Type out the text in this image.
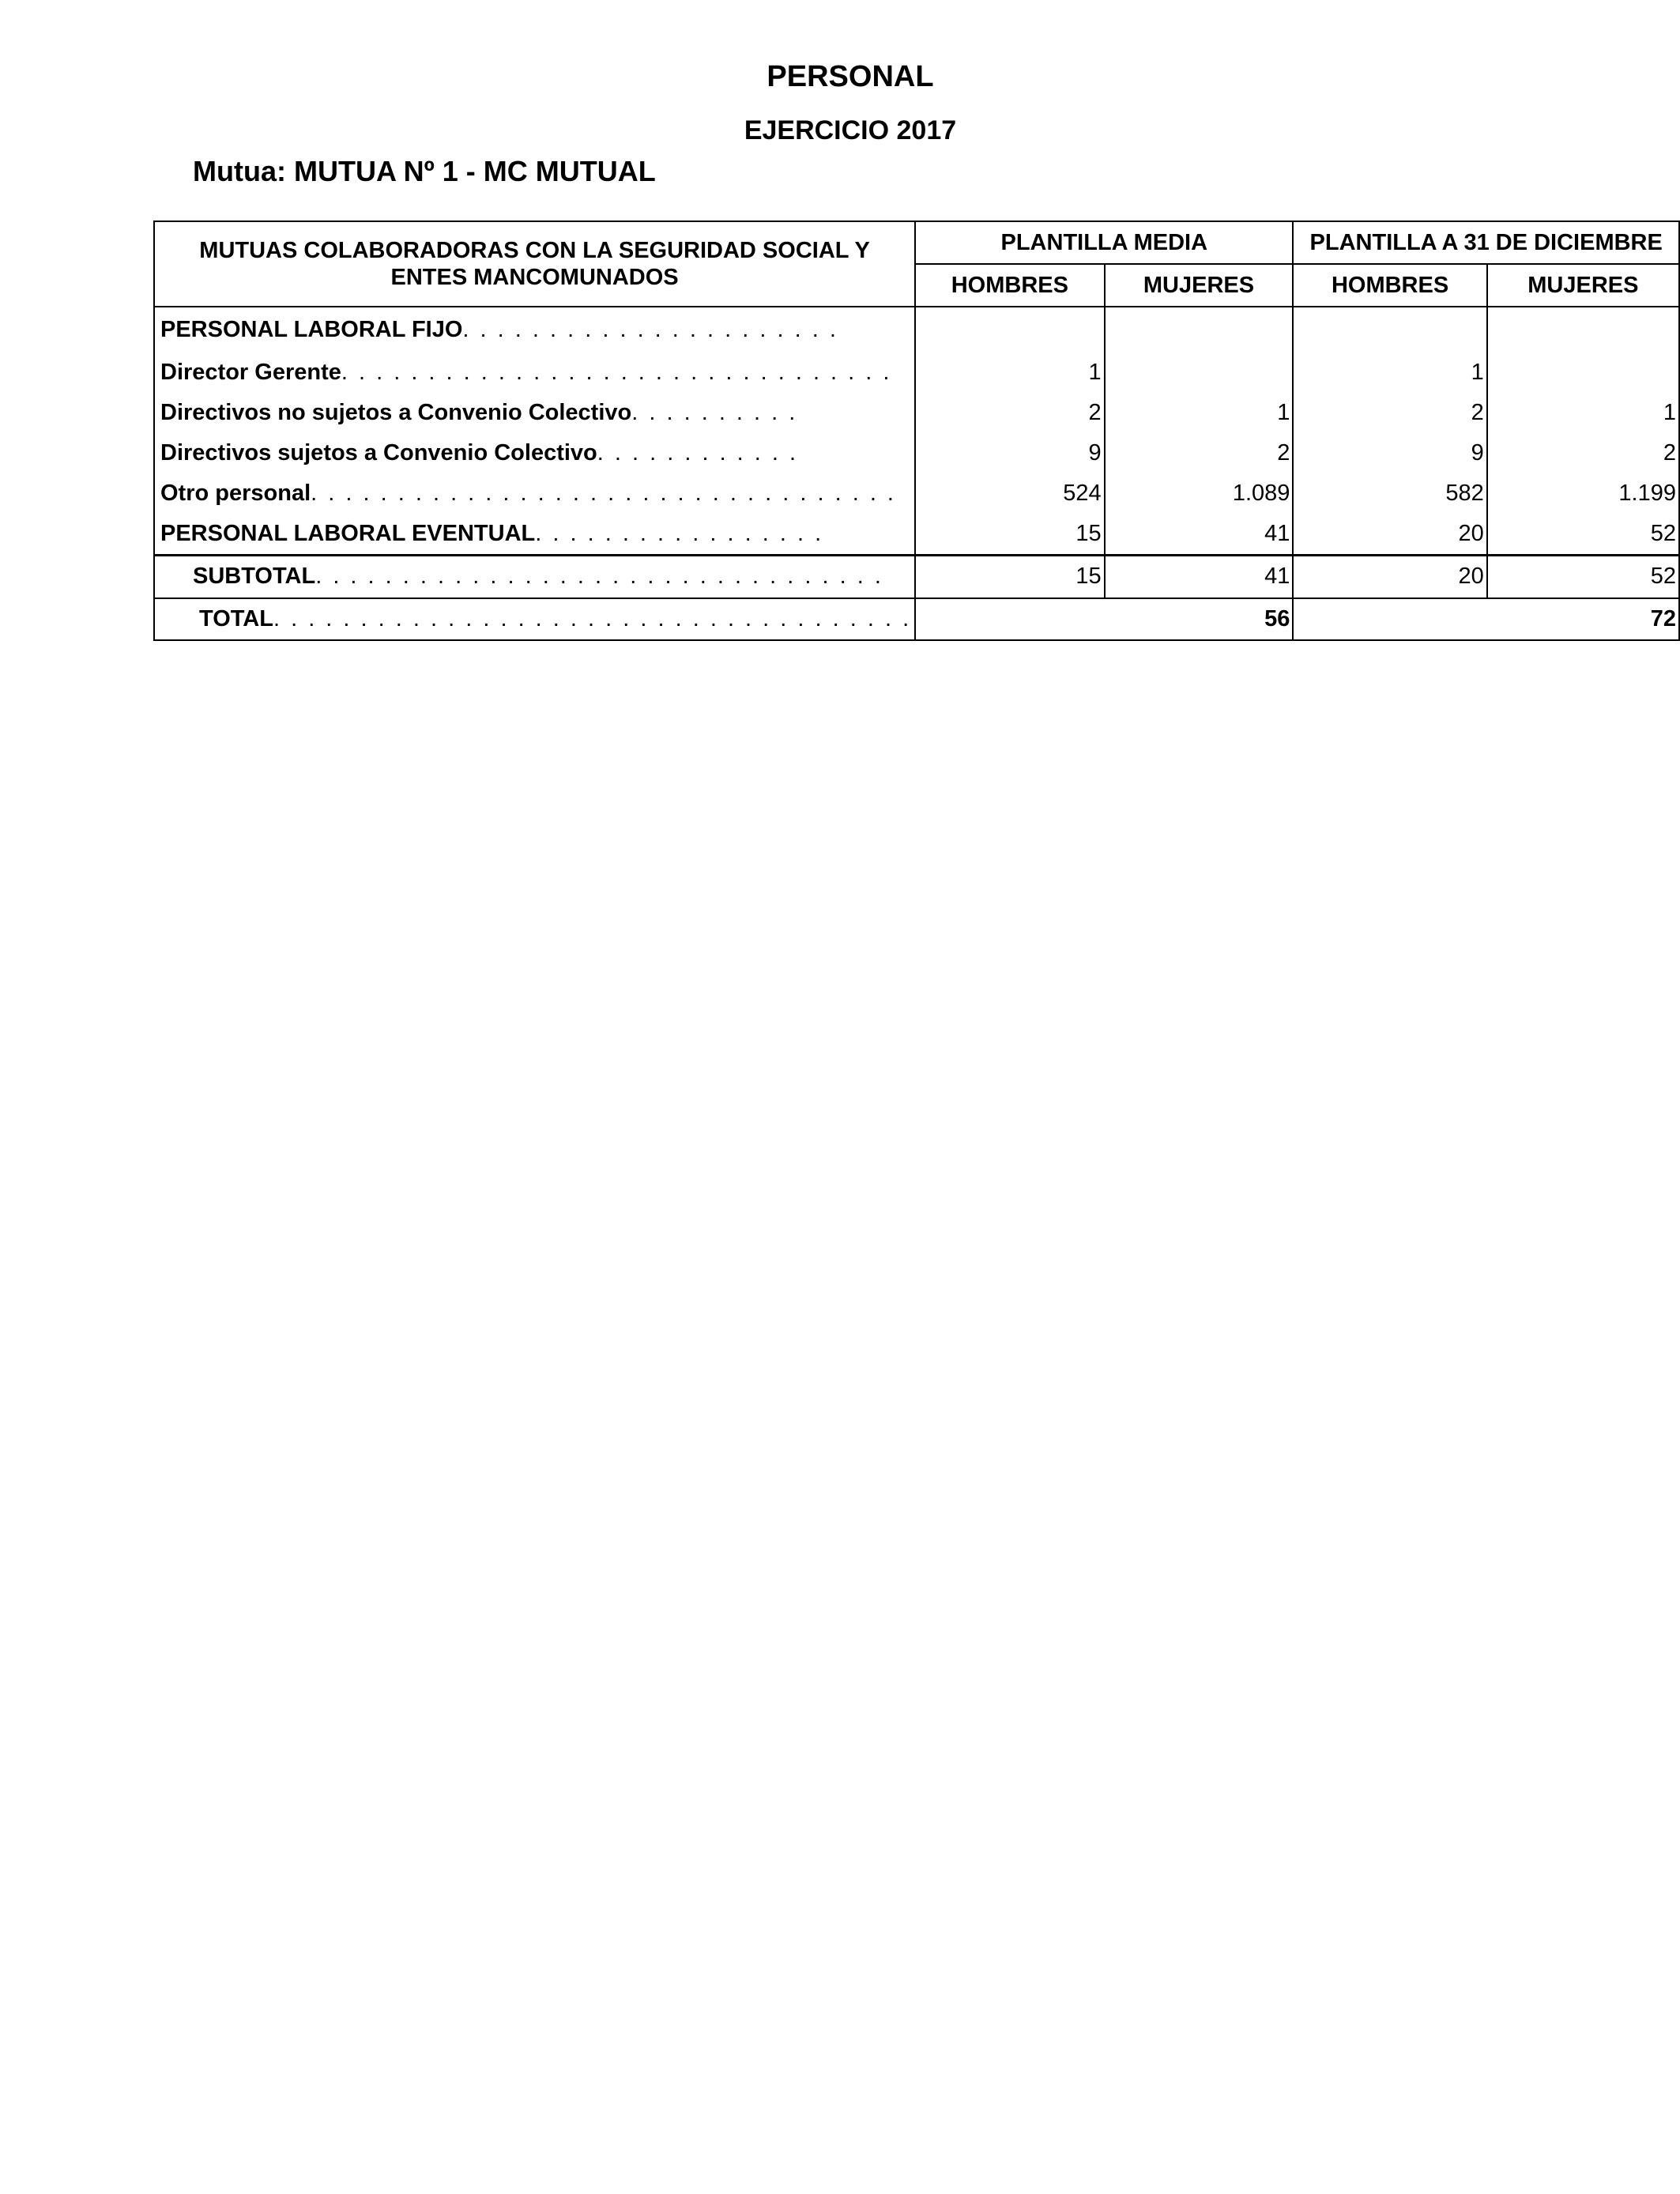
PERSONAL
EJERCICIO 2017
Mutua: MUTUA Nº 1 - MC MUTUAL
MUTUAS COLABORADORAS CON LA SEGURIDAD SOCIAL Y ENTES MANCOMUNADOS	PLANTILLA MEDIA		PLANTILLA A 31 DE DICIEMBRE	
	HOMBRES	MUJERES	HOMBRES	MUJERES
PERSONAL LABORAL FIJO. . . . . . . . . . . . . . . . . . . . . .				
Director Gerente. . . . . . . . . . . . . . . . . . . . . . . . . . . . . . . .	1		1	
Directivos no sujetos a Convenio Colectivo. . . . . . . . . .	2	1	2	1
Directivos sujetos a Convenio Colectivo. . . . . . . . . . . .	9	2	9	2
Otro personal. . . . . . . . . . . . . . . . . . . . . . . . . . . . . . . . . .	524	1.089	582	1.199
PERSONAL LABORAL EVENTUAL. . . . . . . . . . . . . . . . .	15	41	20	52
SUBTOTAL. . . . . . . . . . . . . . . . . . . . . . . . . . . . . . . . .	15	41	20	52
TOTAL. . . . . . . . . . . . . . . . . . . . . . . . . . . . . . . . . . . . .	56		72	
